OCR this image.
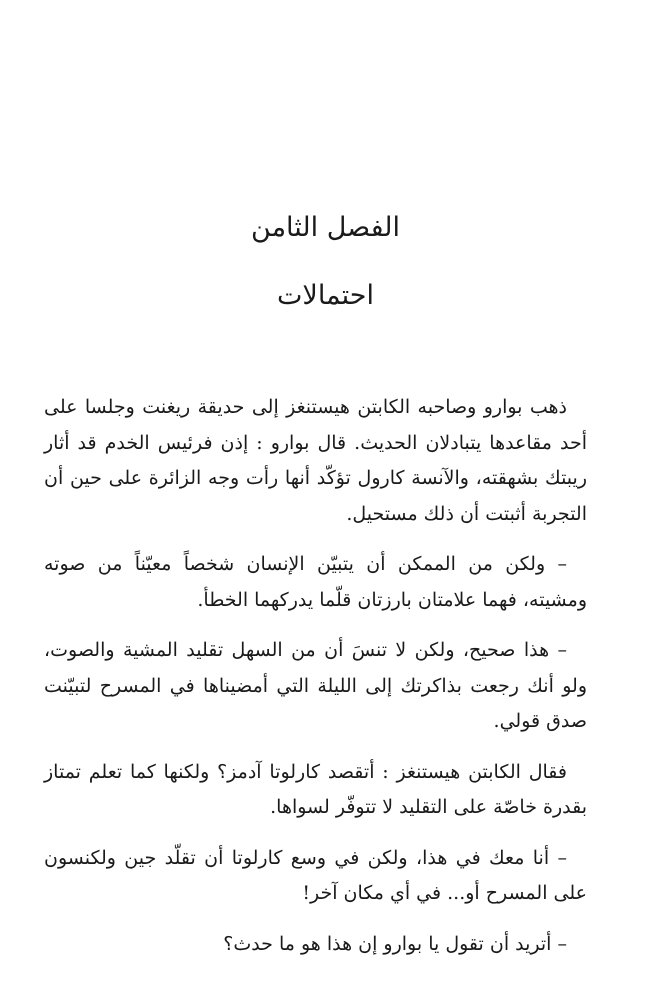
الفصل الثامن
احتمالات

ذهب بوارو وصاحبه الكابتن هيستنغز إلى حديقة ريغنت وجلسا على أحد مقاعدها يتبادلان الحديث. قال بوارو : إذن فرئيس الخدم قد أثار ريبتك بشهقته، والآنسة كارول تؤكّد أنها رأت وجه الزائرة على حين أن التجربة أثبتت أن ذلك مستحيل.

– ولكن من الممكن أن يتبيّن الإنسان شخصاً معيّناً من صوته ومشيته، فهما علامتان بارزتان قلّما يدركهما الخطأ.

– هذا صحيح، ولكن لا تنسَ أن من السهل تقليد المشية والصوت، ولو أنك رجعت بذاكرتك إلى الليلة التي أمضيناها في المسرح لتبيّنت صدق قولي.

فقال الكابتن هيستنغز : أتقصد كارلوتا آدمز؟ ولكنها كما تعلم تمتاز بقدرة خاصّة على التقليد لا تتوفّر لسواها.

– أنا معك في هذا، ولكن في وسع كارلوتا أن تقلّد جين ولكنسون على المسرح أو... في أي مكان آخر!

– أتريد أن تقول يا بوارو إن هذا هو ما حدث؟
